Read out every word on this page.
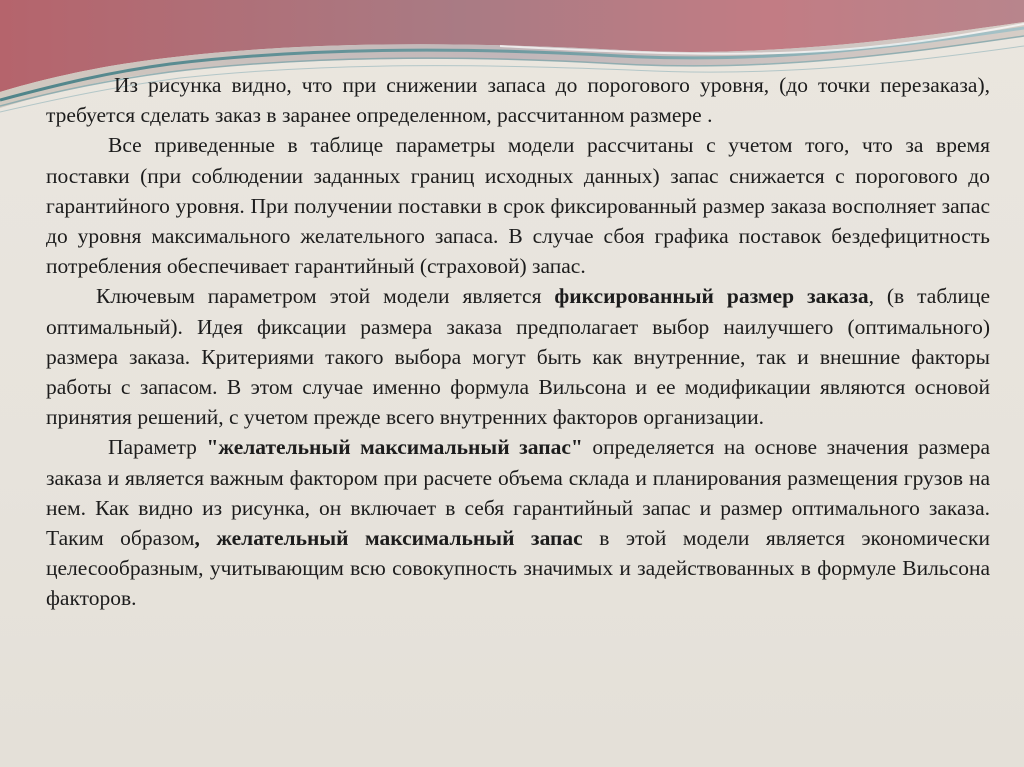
Из рисунка видно, что при снижении запаса до порогового уровня, (до точки перезаказа), требуется сделать заказ в заранее определенном, рассчитанном размере .

Все приведенные в таблице параметры модели рассчитаны с учетом того, что за время поставки (при соблюдении заданных границ исходных данных) запас снижается с порогового до гарантийного уровня. При получении поставки в срок фиксированный размер заказа восполняет запас до уровня максимального желательного запаса. В случае сбоя графика поставок бездефицитность потребления обеспечивает гарантийный (страховой) запас.

Ключевым параметром этой модели является фиксированный размер заказа, (в таблице оптимальный). Идея фиксации размера заказа предполагает выбор наилучшего (оптимального) размера заказа. Критериями такого выбора могут быть как внутренние, так и внешние факторы работы с запасом. В этом случае именно формула Вильсона и ее модификации являются основой принятия решений, с учетом прежде всего внутренних факторов организации.

Параметр "желательный максимальный запас" определяется на основе значения размера заказа и является важным фактором при расчете объема склада и планирования размещения грузов на нем. Как видно из рисунка, он включает в себя гарантийный запас и размер оптимального заказа. Таким образом, желательный максимальный запас в этой модели является экономически целесообразным, учитывающим всю совокупность значимых и задействованных в формуле Вильсона факторов.
